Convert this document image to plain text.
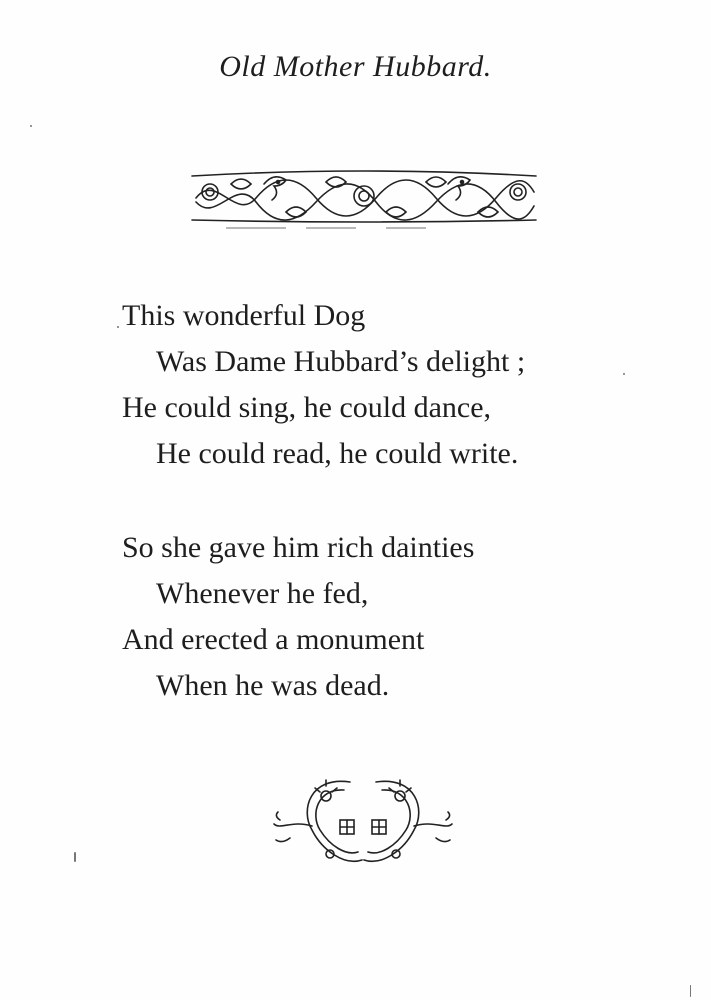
Old Mother Hubbard.
This wonderful Dog
Was Dame Hubbard’s delight ;
He could sing, he could dance,
He could read, he could write.
So she gave him rich dainties
Whenever he fed,
And erected a monument
When he was dead.
